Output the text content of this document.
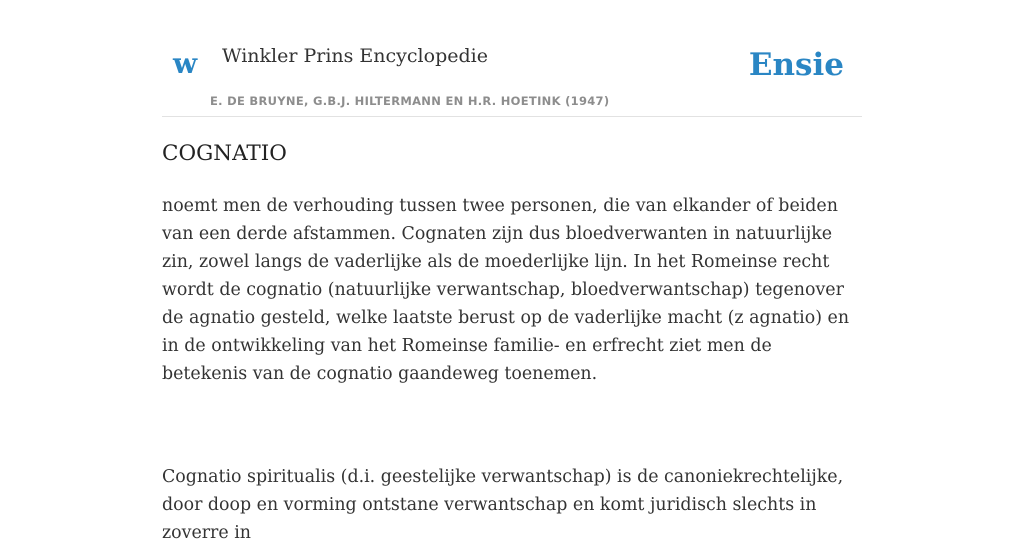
w Winkler Prins Encyclopedie
E. DE BRUYNE, G.B.J. HILTERMANN EN H.R. HOETINK (1947)
Ensie
COGNATIO

noemt men de verhouding tussen twee personen, die van elkander of beiden van een derde afstammen. Cognaten zijn dus bloedverwanten in natuurlijke zin, zowel langs de vaderlijke als de moederlijke lijn. In het Romeinse recht wordt de cognatio (natuurlijke verwantschap, bloedverwantschap) tegenover de agnatio gesteld, welke laatste berust op de vaderlijke macht (z agnatio) en in de ontwikkeling van het Romeinse familie- en erfrecht ziet men de betekenis van de cognatio gaandeweg toenemen.

Cognatio spiritualis (d.i. geestelijke verwantschap) is de canoniekrechtelijke, door doop en vorming ontstane verwantschap en komt juridisch slechts in zoverre in
